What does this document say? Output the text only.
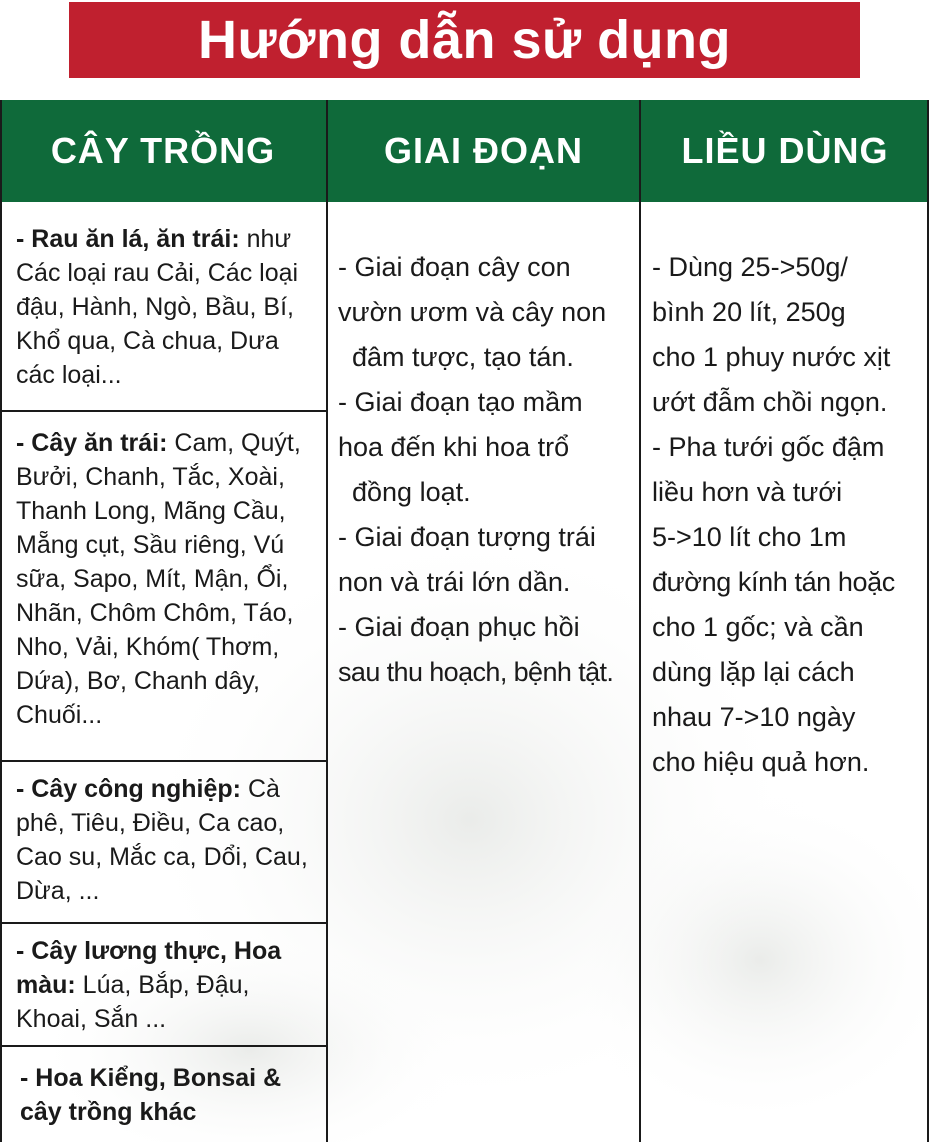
Hướng dẫn sử dụng
CÂY TRỒNG	GIAI ĐOẠN	LIỀU DÙNG
- Rau ăn lá, ăn trái: như Các loại rau Cải, Các loại đậu, Hành, Ngò, Bầu, Bí, Khổ qua, Cà chua, Dưa các loại...
- Cây ăn trái: Cam, Quýt, Bưởi, Chanh, Tắc, Xoài, Thanh Long, Mãng Cầu, Mẵng cụt, Sầu riêng, Vú sữa, Sapo, Mít, Mận, Ổi, Nhãn, Chôm Chôm, Táo, Nho, Vải, Khóm( Thơm, Dứa), Bơ, Chanh dây, Chuối...
- Cây công nghiệp: Cà phê, Tiêu, Điều, Ca cao, Cao su, Mắc ca, Dổi, Cau, Dừa, ...
- Cây lương thực, Hoa màu: Lúa, Bắp, Đậu, Khoai, Sắn ...
- Hoa Kiểng, Bonsai & cây trồng khác
- Giai đoạn cây con
vườn ươm và cây non
đâm tược, tạo tán.
- Giai đoạn tạo mầm
hoa đến khi hoa trổ
đồng loạt.
- Giai đoạn tượng trái
non và trái lớn dần.
- Giai đoạn phục hồi
sau thu hoạch, bệnh tật.
- Dùng 25->50g/
bình 20 lít, 250g
cho 1 phuy nước xịt
ướt đẫm chồi ngọn.
- Pha tưới gốc đậm
liều hơn và tưới
5->10 lít cho 1m
đường kính tán hoặc
cho 1 gốc; và cần
dùng lặp lại cách
nhau 7->10 ngày
cho hiệu quả hơn.
